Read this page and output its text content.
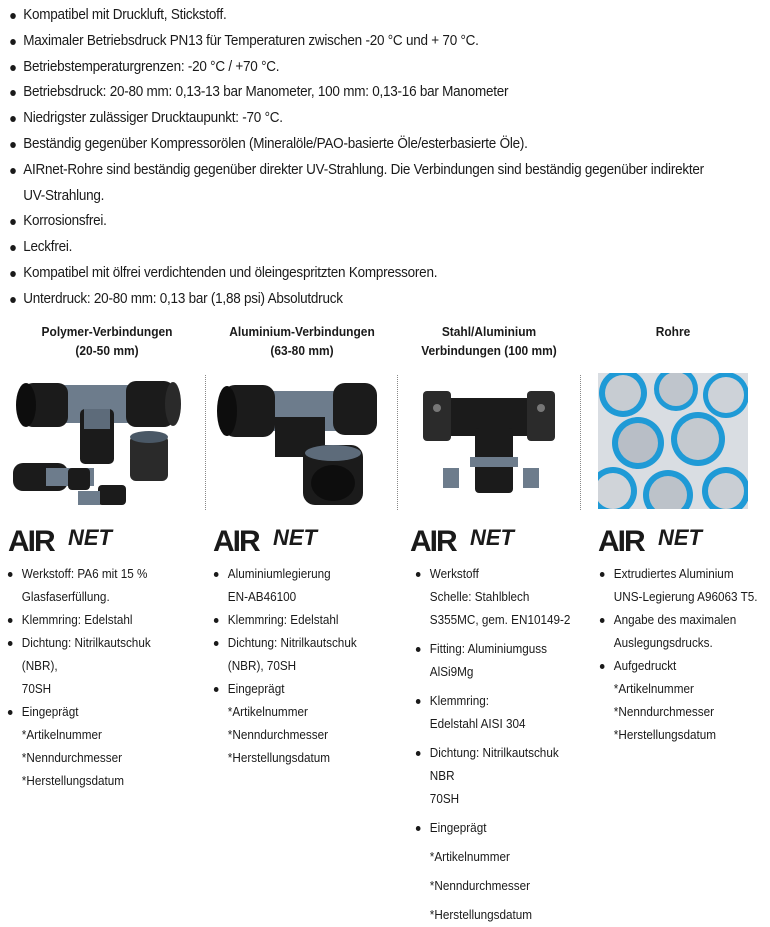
Kompatibel mit Druckluft, Stickstoff.
Maximaler Betriebsdruck PN13 für Temperaturen zwischen -20 °C und + 70 °C.
Betriebstemperaturgrenzen: -20 °C / +70 °C.
Betriebsdruck: 20-80 mm: 0,13-13 bar Manometer, 100 mm: 0,13-16 bar Manometer
Niedrigster zulässiger Drucktaupunkt: -70 °C.
Beständig gegenüber Kompressorölen (Mineralöle/PAO-basierte Öle/esterbasierte Öle).
AIRnet-Rohre sind beständig gegenüber direkter UV-Strahlung. Die Verbindungen sind beständig gegenüber indirekter
UV-Strahlung.
Korrosionsfrei.
Leckfrei.
Kompatibel mit ölfrei verdichtenden und öleingespritzten Kompressoren.
Unterdruck: 20-80 mm: 0,13 bar (1,88 psi) Absolutdruck
Polymer-Verbindungen
(20-50 mm)
Aluminium-Verbindungen
(63-80 mm)
Stahl/Aluminium
Verbindungen (100 mm)
Rohre
AIR NET	AIR NET	AIR NET	AIR NET
Werkstoff: PA6 mit 15 %
Glasfaserfüllung.
Klemmring: Edelstahl
Dichtung: Nitrilkautschuk (NBR),
70SH
Eingeprägt
*Artikelnummer
*Nenndurchmesser
*Herstellungsdatum
Aluminiumlegierung
EN-AB46100
Klemmring: Edelstahl
Dichtung: Nitrilkautschuk
(NBR), 70SH
Eingeprägt
*Artikelnummer
*Nenndurchmesser
*Herstellungsdatum
Werkstoff
Schelle: Stahlblech
S355MC, gem. EN10149-2
Fitting: Aluminiumguss
AlSi9Mg
Klemmring:
Edelstahl AISI 304
Dichtung: Nitrilkautschuk NBR
70SH
Eingeprägt
*Artikelnummer
*Nenndurchmesser
*Herstellungsdatum
Extrudiertes Aluminium
UNS-Legierung A96063 T5.
Angabe des maximalen
Auslegungsdrucks.
Aufgedruckt
*Artikelnummer
*Nenndurchmesser
*Herstellungsdatum
